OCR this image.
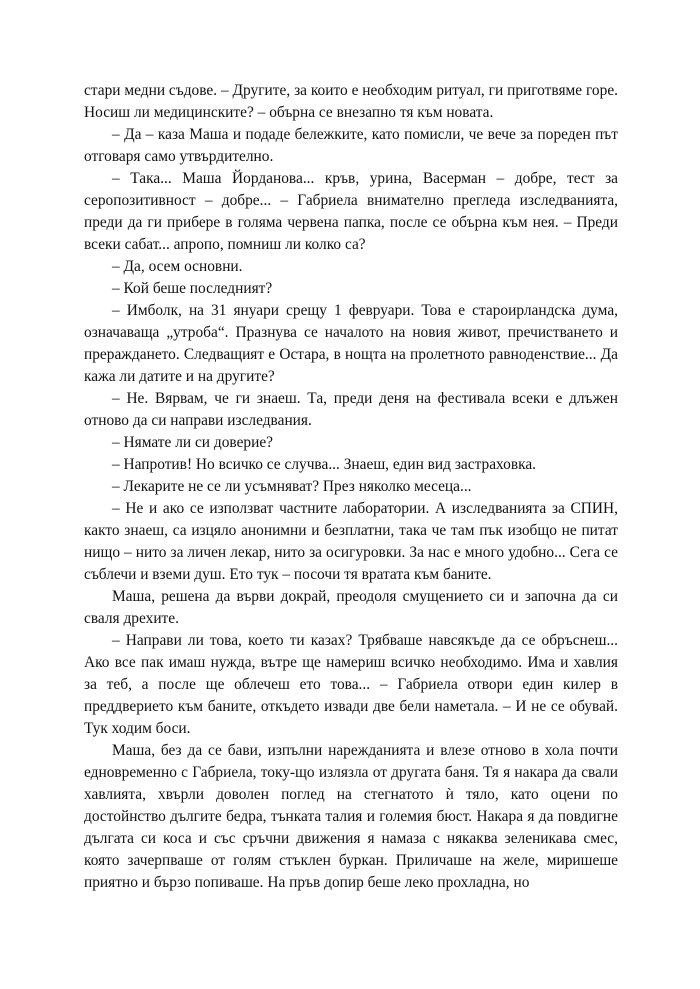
стари медни съдове. – Другите, за които е необходим ритуал, ги приготвяме горе. Носиш ли медицинските? – обърна се внезапно тя към новата.

– Да – каза Маша и подаде бележките, като помисли, че вече за пореден път отговаря само утвърдително.

– Така... Маша Йорданова... кръв, урина, Васерман – добре, тест за серопозитивност – добре... – Габриела внимателно прегледа изследванията, преди да ги прибере в голяма червена папка, после се обърна към нея. – Преди всеки сабат... апропо, помниш ли колко са?

– Да, осем основни.

– Кой беше последният?

– Имболк, на 31 януари срещу 1 февруари. Това е староирландска дума, означаваща „утроба“. Празнува се началото на новия живот, пречистването и прераждането. Следващият е Остара, в нощта на пролетното равноденствие... Да кажа ли датите и на другите?

– Не. Вярвам, че ги знаеш. Та, преди деня на фестивала всеки е длъжен отново да си направи изследвания.

– Нямате ли си доверие?

– Напротив! Но всичко се случва... Знаеш, един вид застраховка.

– Лекарите не се ли усъмняват? През няколко месеца...

– Не и ако се използват частните лаборатории. А изследванията за СПИН, както знаеш, са изцяло анонимни и безплатни, така че там пък изобщо не питат нищо – нито за личен лекар, нито за осигуровки. За нас е много удобно... Сега се съблечи и вземи душ. Ето тук – посочи тя вратата към баните.

Маша, решена да върви докрай, преодоля смущението си и започна да си сваля дрехите.

– Направи ли това, което ти казах? Трябваше навсякъде да се обръснеш... Ако все пак имаш нужда, вътре ще намериш всичко необходимо. Има и хавлия за теб, а после ще облечеш ето това... – Габриела отвори един килер в преддверието към баните, откъдето извади две бели наметала. – И не се обувай. Тук ходим боси.

Маша, без да се бави, изпълни нарежданията и влезе отново в хола почти едновременно с Габриела, току-що излязла от другата баня. Тя я накара да свали хавлията, хвърли доволен поглед на стегнатото ѝ тяло, като оцени по достойнство дългите бедра, тънката талия и големия бюст. Накара я да повдигне дългата си коса и със сръчни движения я намаза с някаква зеленикава смес, която зачерпваше от голям стъклен буркан. Приличаше на желе, миришеше приятно и бързо попиваше. На пръв допир беше леко прохладна, но
